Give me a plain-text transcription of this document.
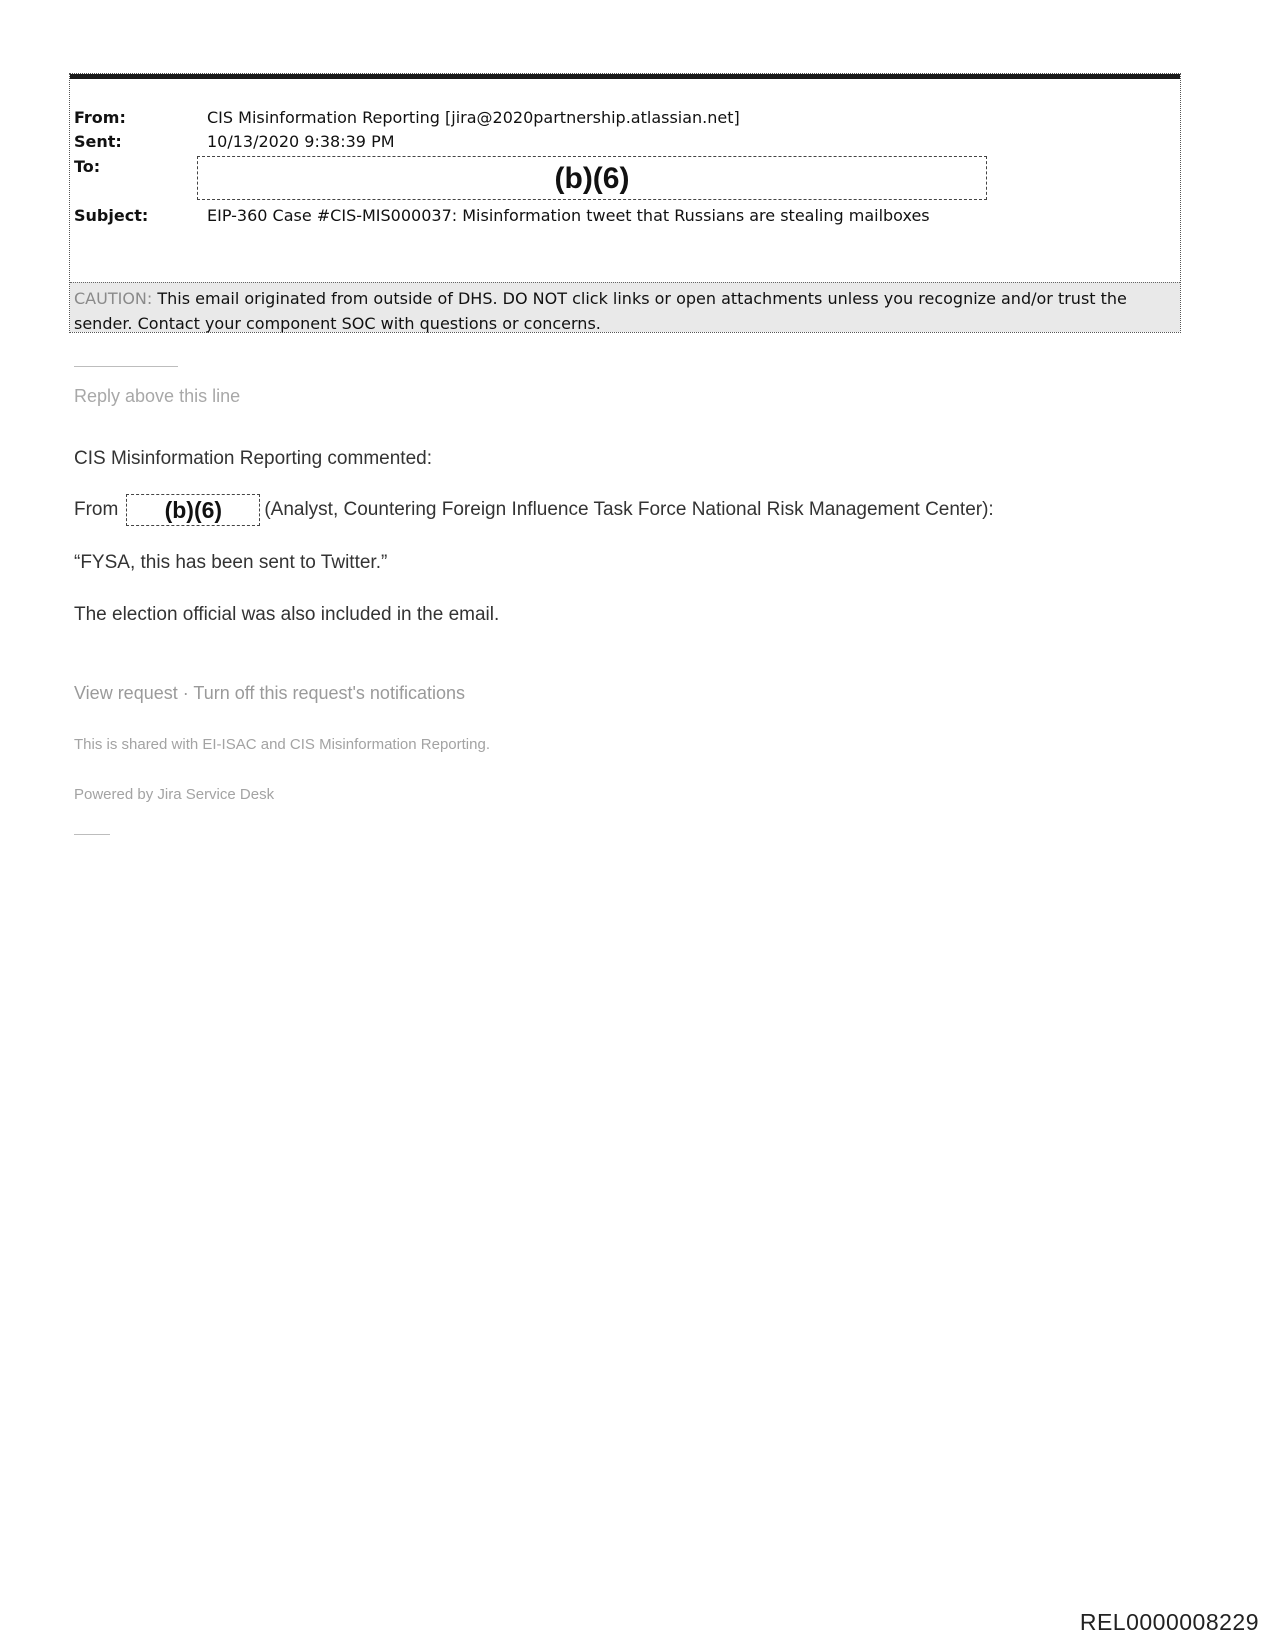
From:	CIS Misinformation Reporting [jira@2020partnership.atlassian.net]
Sent:	10/13/2020 9:38:39 PM
To:	(b)(6)
Subject:	EIP-360 Case #CIS-MIS000037: Misinformation tweet that Russians are stealing mailboxes
CAUTION: This email originated from outside of DHS. DO NOT click links or open attachments unless you recognize and/or trust the sender. Contact your component SOC with questions or concerns.
Reply above this line
CIS Misinformation Reporting commented:
From	(b)(6)	(Analyst, Countering Foreign Influence Task Force National Risk Management Center):
“FYSA, this has been sent to Twitter.”
The election official was also included in the email.
View request · Turn off this request's notifications
This is shared with EI-ISAC and CIS Misinformation Reporting.
Powered by Jira Service Desk
REL0000008229
